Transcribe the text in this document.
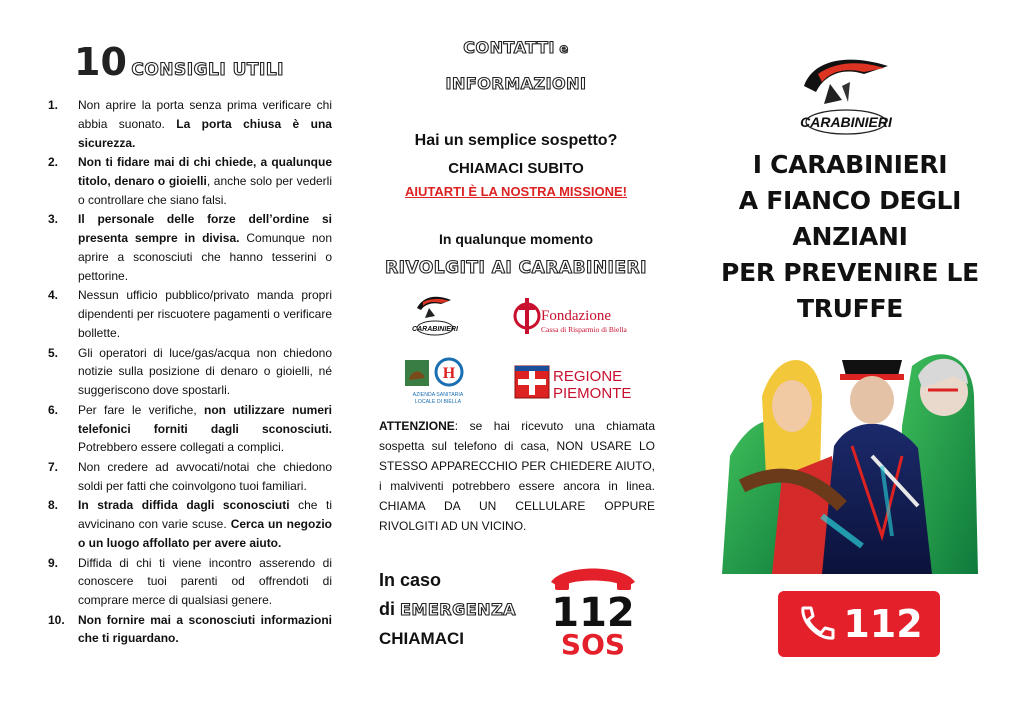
10 CONSIGLI UTILI
1.	Non aprire la porta senza prima verificare chi abbia suonato. La porta chiusa è una sicurezza.
2.	Non ti fidare mai di chi chiede, a qualunque titolo, denaro o gioielli, anche solo per vederli o controllare che siano falsi.
3.	Il personale delle forze dell’ordine si presenta sempre in divisa. Comunque non aprire a sconosciuti che hanno tesserini o pettorine.
4.	Nessun ufficio pubblico/privato manda propri dipendenti per riscuotere pagamenti o verificare bollette.
5.	Gli operatori di luce/gas/acqua non chiedono notizie sulla posizione di denaro o gioielli, né suggeriscono dove spostarli.
6.	Per fare le verifiche, non utilizzare numeri telefonici forniti dagli sconosciuti. Potrebbero essere collegati a complici.
7.	Non credere ad avvocati/notai che chiedono soldi per fatti che coinvolgono tuoi familiari.
8.	In strada diffida dagli sconosciuti che ti avvicinano con varie scuse. Cerca un negozio o un luogo affollato per avere aiuto.
9.	Diffida di chi ti viene incontro asserendo di conoscere tuoi parenti od offrendoti di comprare merce di qualsiasi genere.
10.	Non fornire mai a sconosciuti informazioni che ti riguardano.
CONTATTI e
INFORMAZIONI
Hai un semplice sospetto?
CHIAMACI SUBITO
AIUTARTI È LA NOSTRA MISSIONE!
In qualunque momento
RIVOLGITI AI CARABINIERI
CARABINIERI
Fondazione
Cassa di Risparmio di Biella
H
AZIENDA SANITARIA
LOCALE DI BIELLA
REGIONE
PIEMONTE

ATTENZIONE: se hai ricevuto una chiamata sospetta sul telefono di casa, NON USARE LO STESSO APPARECCHIO PER CHIEDERE AIUTO, i malviventi potrebbero essere ancora in linea. CHIAMA DA UN CELLULARE OPPURE RIVOLGITI AD UN VICINO.

In caso
di EMERGENZA
CHIAMACI
112
SOS
CARABINIERI
I CARABINIERI
A FIANCO DEGLI
ANZIANI
PER PREVENIRE LE
TRUFFE
112
